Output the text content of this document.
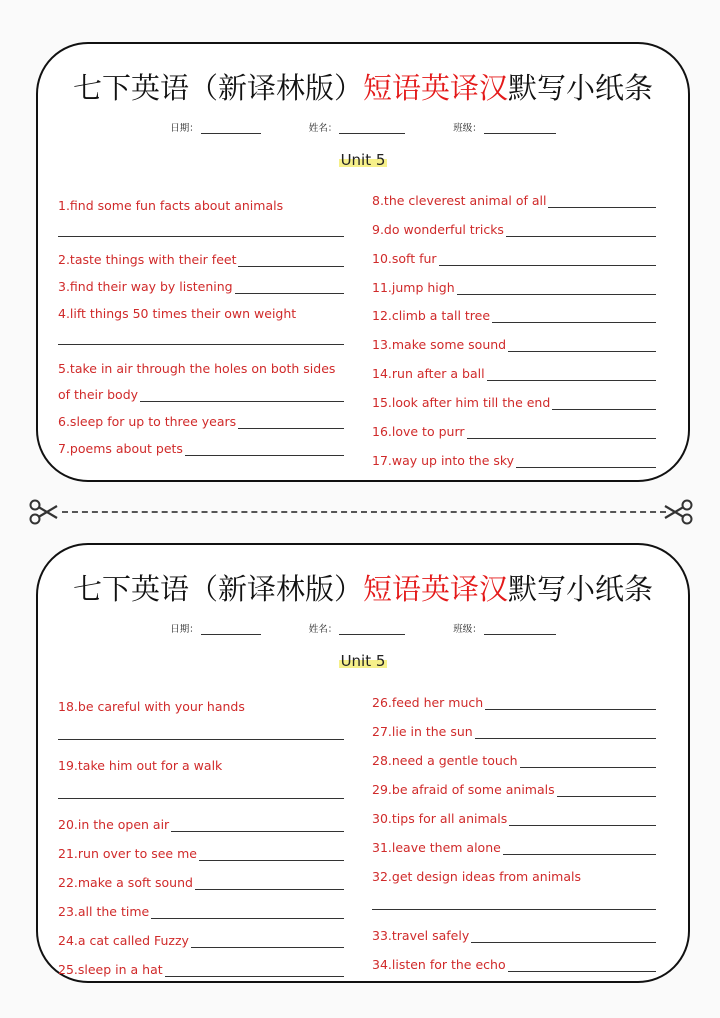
七下英语（新译林版）短语英译汉默写小纸条
日期：	姓名：	班级：
Unit 5
1.find some fun facts about animals
2.taste things with their feet
3.find their way by listening
4.lift things 50 times their own weight
5.take in air through the holes on both sides
of their body
6.sleep for up to three years
7.poems about pets
8.the cleverest animal of all
9.do wonderful tricks
10.soft fur
11.jump high
12.climb a tall tree
13.make some sound
14.run after a ball
15.look after him till the end
16.love to purr
17.way up into the sky
七下英语（新译林版）短语英译汉默写小纸条
日期：	姓名：	班级：
Unit 5
18.be careful with your hands
19.take him out for a walk
20.in the open air
21.run over to see me
22.make a soft sound
23.all the time
24.a cat called Fuzzy
25.sleep in a hat
26.feed her much
27.lie in the sun
28.need a gentle touch
29.be afraid of some animals
30.tips for all animals
31.leave them alone
32.get design ideas from animals
33.travel safely
34.listen for the echo
